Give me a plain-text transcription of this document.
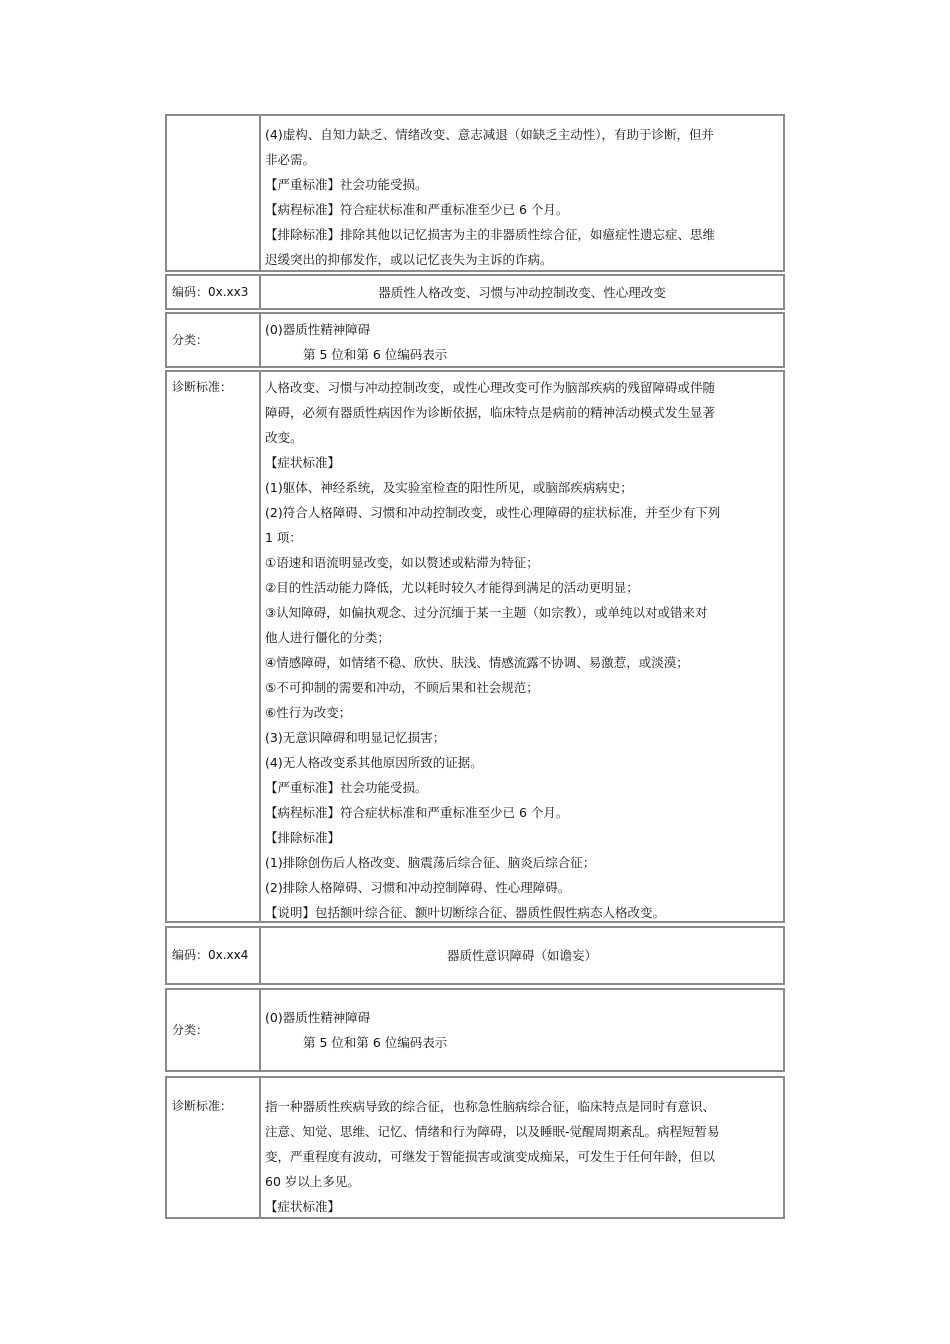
(4)虚构、自知力缺乏、情绪改变、意志减退（如缺乏主动性），有助于诊断，但并

非必需。

【严重标准】社会功能受损。

【病程标准】符合症状标准和严重标准至少已 6 个月。

【排除标准】排除其他以记忆损害为主的非器质性综合征，如癔症性遗忘症、思维

迟缓突出的抑郁发作，或以记忆丧失为主诉的诈病。

编码：0x.xx3	器质性人格改变、习惯与冲动控制改变、性心理改变
分类：

(0)器质性精神障碍

第 5 位和第 6 位编码表示

诊断标准：	人格改变、习惯与冲动控制改变，或性心理改变可作为脑部疾病的残留障碍或伴随

障碍，必须有器质性病因作为诊断依据，临床特点是病前的精神活动模式发生显著

改变。

【症状标准】

(1)躯体、神经系统，及实验室检查的阳性所见，或脑部疾病病史；

(2)符合人格障碍、习惯和冲动控制改变，或性心理障碍的症状标准，并至少有下列

1 项：

①语速和语流明显改变，如以赘述或粘滞为特征；

②目的性活动能力降低，尤以耗时较久才能得到满足的活动更明显；

③认知障碍，如偏执观念、过分沉缅于某一主题（如宗教），或单纯以对或错来对

他人进行僵化的分类；

④情感障碍，如情绪不稳、欣快、肤浅、情感流露不协调、易激惹，或淡漠；

⑤不可抑制的需要和冲动，不顾后果和社会规范；

⑥性行为改变；

(3)无意识障碍和明显记忆损害；

(4)无人格改变系其他原因所致的证据。

【严重标准】社会功能受损。

【病程标准】符合症状标准和严重标准至少已 6 个月。

【排除标准】

(1)排除创伤后人格改变、脑震荡后综合征、脑炎后综合征；

(2)排除人格障碍、习惯和冲动控制障碍、性心理障碍。

【说明】包括额叶综合征、额叶切断综合征、器质性假性病态人格改变。

编码：0x.xx4	器质性意识障碍（如谵妄）
分类：

(0)器质性精神障碍

第 5 位和第 6 位编码表示

诊断标准：	指一种器质性疾病导致的综合征，也称急性脑病综合征，临床特点是同时有意识、

注意、知觉、思维、记忆、情绪和行为障碍，以及睡眠-觉醒周期紊乱。病程短暂易

变，严重程度有波动，可继发于智能损害或演变成痴呆，可发生于任何年龄，但以

60 岁以上多见。

【症状标准】
